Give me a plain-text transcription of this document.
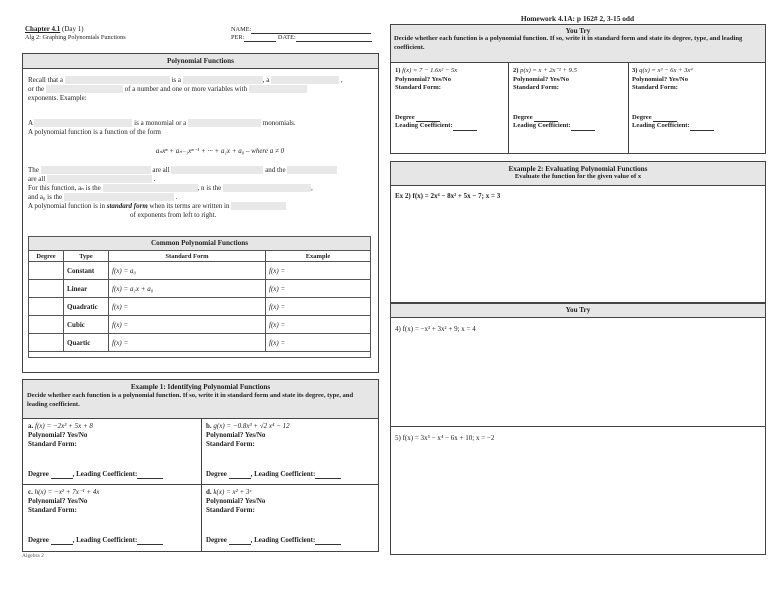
Chapter 4.1 (Day 1)
Alg 2: Graphing Polynomials Functions
NAME:
PER:	DATE:
Homework 4.1A: p 162# 2, 3-15 odd
Polynomial Functions
Recall that a	is a	, a	,
or the	of a number and one or more variables with
exponents. Example:
A	is a monomial or a	monomials.
A polynomial function is a function of the form
aₙxⁿ + aₙ₋₁xⁿ⁻¹ + ··· + a₁x + a₀ – where a ≠ 0
The	are all	and the
are all	.
For this function, aₙ is the	, n is the	,
and a₀ is the	.
A polynomial function is in standard form when its terms are written in
of exponents from left to right.
Common Polynomial Functions
Degree	Type	Standard Form	Example
	Constant	f(x) = a₀	f(x) =
	Linear	f(x) = a₁x + a₀	f(x) =
	Quadratic	f(x) =	f(x) =
	Cubic	f(x) =	f(x) =
	Quartic	f(x) =	f(x) =
Example 1: Identifying Polynomial Functions
Decide whether each function is a polynomial function. If so, write it in standard form and state its degree, type, and leading coefficient.
a. f(x) = −2x³ + 5x + 8
Polynomial? Yes/No
Standard Form:
Degree	, Leading Coefficient:
b. g(x) = −0.8x³ + √2 x⁴ − 12
Polynomial? Yes/No
Standard Form:
Degree	, Leading Coefficient:
c. h(x) = −x² + 7x⁻¹ + 4x
Polynomial? Yes/No
Standard Form:
Degree	, Leading Coefficient:
d. k(x) = x² + 3ˣ
Polynomial? Yes/No
Standard Form:
Degree	, Leading Coefficient:
Algebra 2
You Try
Decide whether each function is a polynomial function. If so, write it in standard form and state its degree, type, and leading coefficient.
1) f(x) = 7 − 1.6x² − 5x
Polynomial? Yes/No
Standard Form:
Degree
Leading Coefficient:
2) p(x) = x + 2x⁻² + 9.5
Polynomial? Yes/No
Standard Form:
Degree
Leading Coefficient:
3) q(x) = x³ − 6x + 3x⁴
Polynomial? Yes/No
Standard Form:
Degree
Leading Coefficient:
Example 2: Evaluating Polynomial Functions
Evaluate the function for the given value of x
Ex 2) f(x) = 2x⁴ − 8x² + 5x − 7; x = 3
You Try
4) f(x) = −x³ + 3x² + 9; x = 4
5) f(x) = 3x⁵ − x⁴ − 6x + 10; x = −2
